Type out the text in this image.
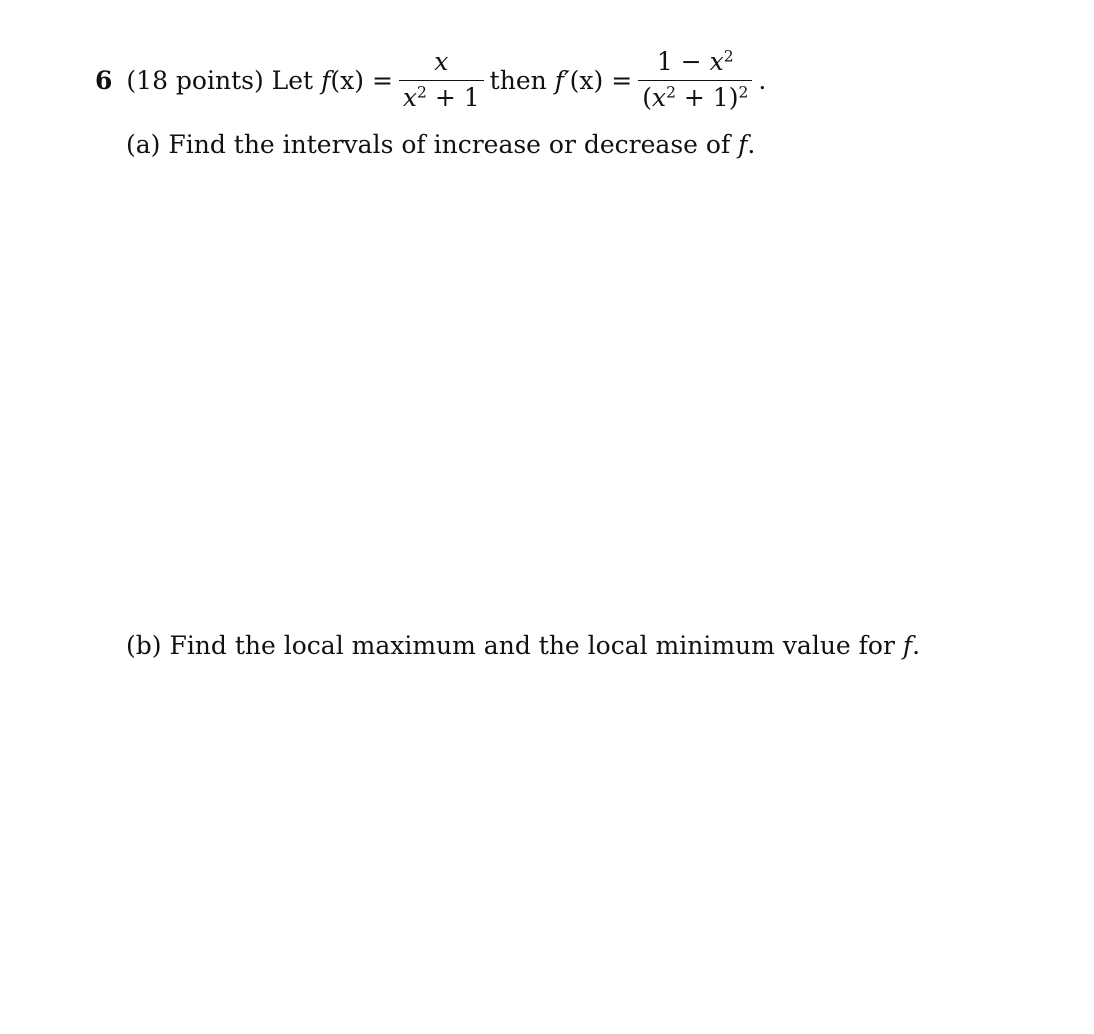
6 (18 points) Let f $(x) = \frac{x}{x^2 + 1}$ then f′ $(x) = \frac{1 - x^2}{(x^2 + 1)^2}$ .
(a) Find the intervals of increase or decrease of f.
(b) Find the local maximum and the local minimum value for f.
